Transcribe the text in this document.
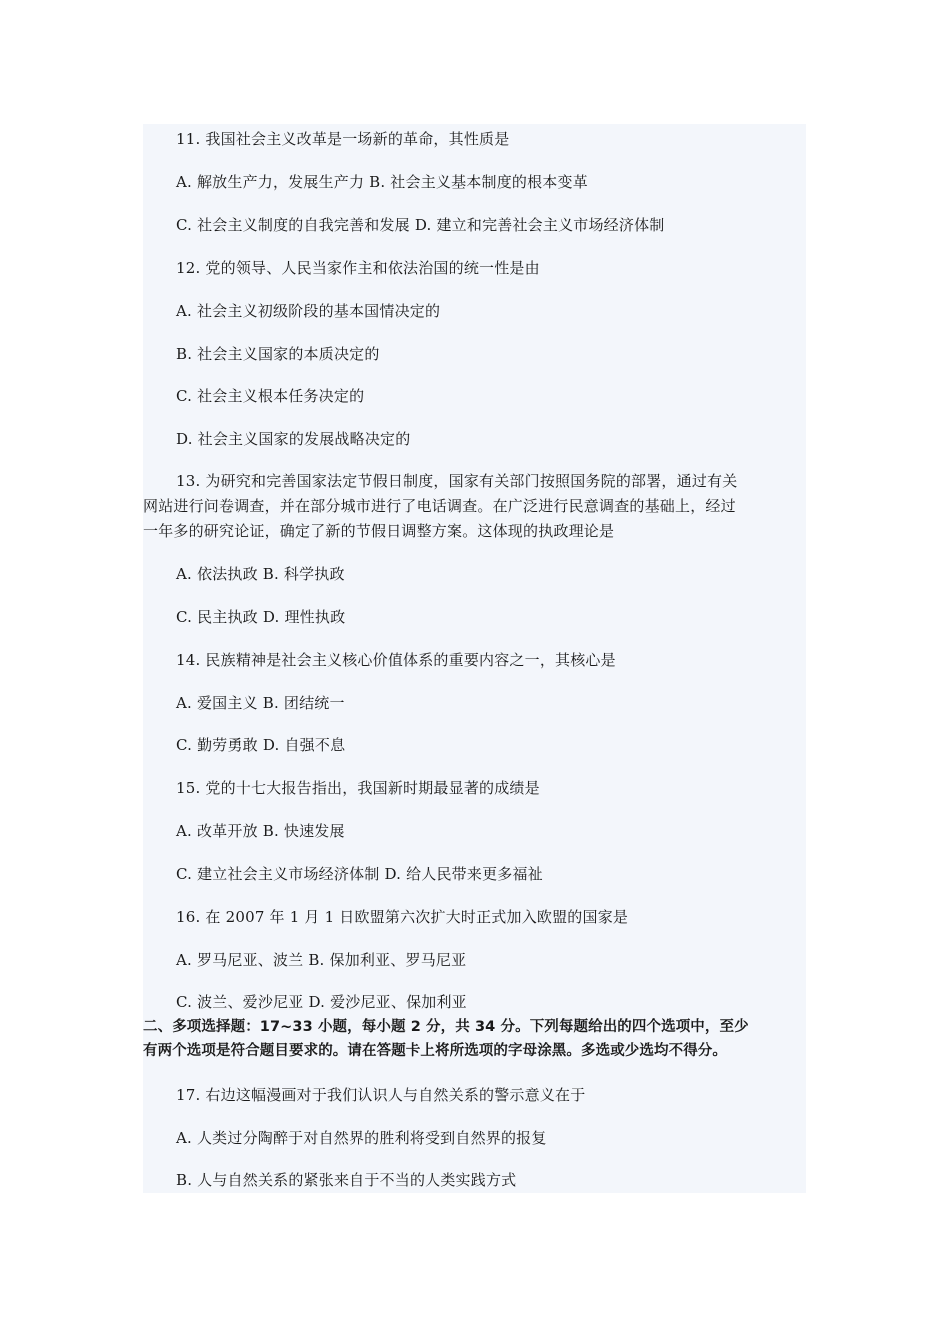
11. 我国社会主义改革是一场新的革命，其性质是
A. 解放生产力，发展生产力 B. 社会主义基本制度的根本变革
C. 社会主义制度的自我完善和发展 D. 建立和完善社会主义市场经济体制
12. 党的领导、人民当家作主和依法治国的统一性是由
A. 社会主义初级阶段的基本国情决定的
B. 社会主义国家的本质决定的
C. 社会主义根本任务决定的
D. 社会主义国家的发展战略决定的
13. 为研究和完善国家法定节假日制度，国家有关部门按照国务院的部署，通过有关
网站进行问卷调查，并在部分城市进行了电话调查。在广泛进行民意调查的基础上，经过
一年多的研究论证，确定了新的节假日调整方案。这体现的执政理论是
A. 依法执政 B. 科学执政
C. 民主执政 D. 理性执政
14. 民族精神是社会主义核心价值体系的重要内容之一，其核心是
A. 爱国主义 B. 团结统一
C. 勤劳勇敢 D. 自强不息
15. 党的十七大报告指出，我国新时期最显著的成绩是
A. 改革开放 B. 快速发展
C. 建立社会主义市场经济体制 D. 给人民带来更多福祉
16. 在 2007 年 1 月 1 日欧盟第六次扩大时正式加入欧盟的国家是
A. 罗马尼亚、波兰 B. 保加利亚、罗马尼亚
C. 波兰、爱沙尼亚 D. 爱沙尼亚、保加利亚
二、多项选择题：17~33 小题，每小题 2 分，共 34 分。下列每题给出的四个选项中，至少
有两个选项是符合题目要求的。请在答题卡上将所选项的字母涂黑。多选或少选均不得分。
17. 右边这幅漫画对于我们认识人与自然关系的警示意义在于
A. 人类过分陶醉于对自然界的胜利将受到自然界的报复
B. 人与自然关系的紧张来自于不当的人类实践方式
